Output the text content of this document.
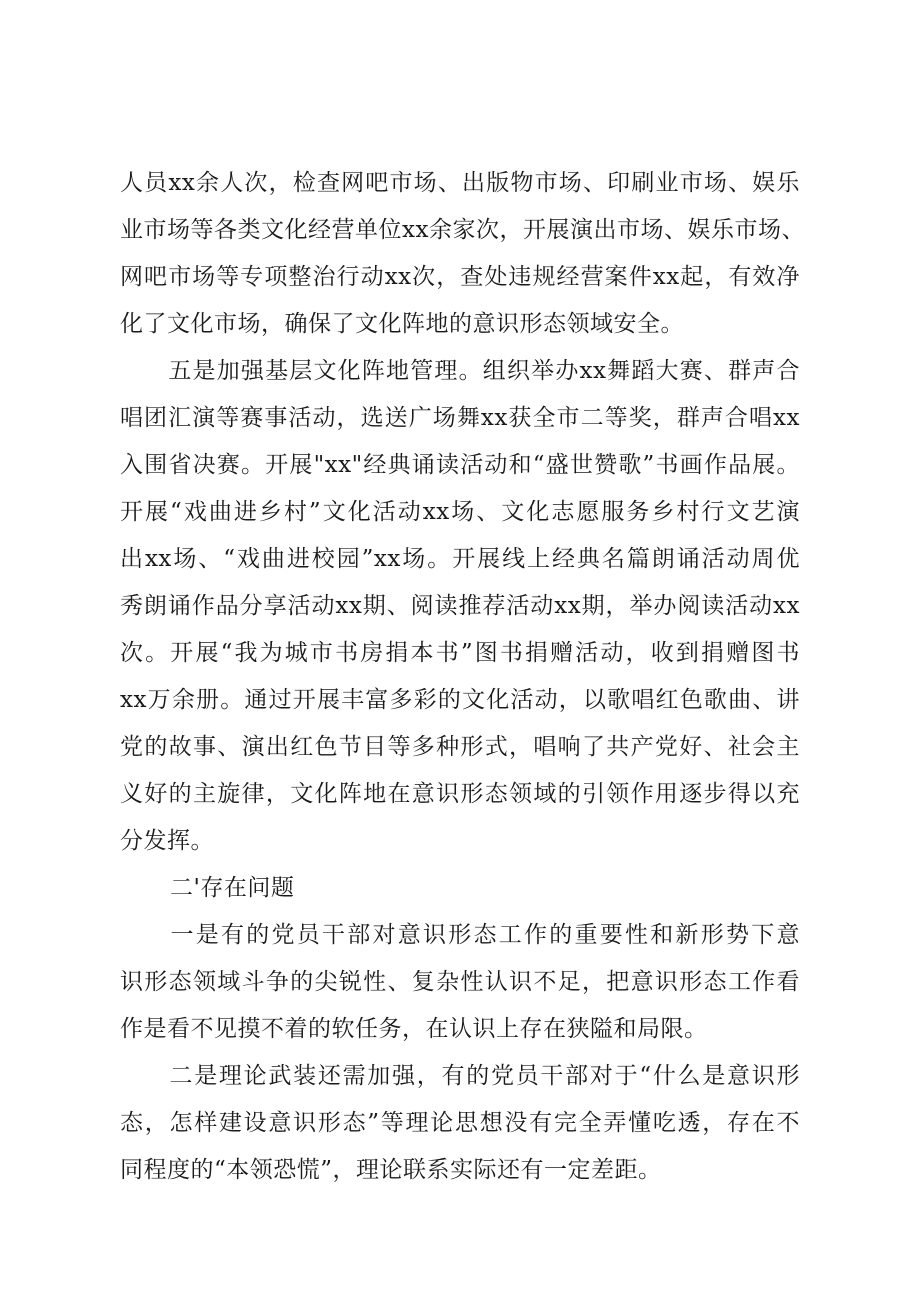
人员xx余人次，检查网吧市场、出版物市场、印刷业市场、娱乐
业市场等各类文化经营单位xx余家次，开展演出市场、娱乐市场、
网吧市场等专项整治行动xx次，查处违规经营案件xx起，有效净
化了文化市场，确保了文化阵地的意识形态领域安全。
　　五是加强基层文化阵地管理。组织举办xx舞蹈大赛、群声合
唱团汇演等赛事活动，选送广场舞xx获全市二等奖，群声合唱xx
入围省决赛。开展"xx"经典诵读活动和“盛世赞歌”书画作品展。
开展“戏曲进乡村”文化活动xx场、文化志愿服务乡村行文艺演
出xx场、“戏曲进校园”xx场。开展线上经典名篇朗诵活动周优
秀朗诵作品分享活动xx期、阅读推荐活动xx期，举办阅读活动xx
次。开展“我为城市书房捐本书”图书捐赠活动，收到捐赠图书
xx万余册。通过开展丰富多彩的文化活动，以歌唱红色歌曲、讲
党的故事、演出红色节目等多种形式，唱响了共产党好、社会主
义好的主旋律，文化阵地在意识形态领域的引领作用逐步得以充
分发挥。
二'存在问题
　　一是有的党员干部对意识形态工作的重要性和新形势下意
识形态领域斗争的尖锐性、复杂性认识不足，把意识形态工作看
作是看不见摸不着的软任务，在认识上存在狭隘和局限。
　　二是理论武装还需加强，有的党员干部对于“什么是意识形
态，怎样建设意识形态”等理论思想没有完全弄懂吃透，存在不
同程度的“本领恐慌”，理论联系实际还有一定差距。
